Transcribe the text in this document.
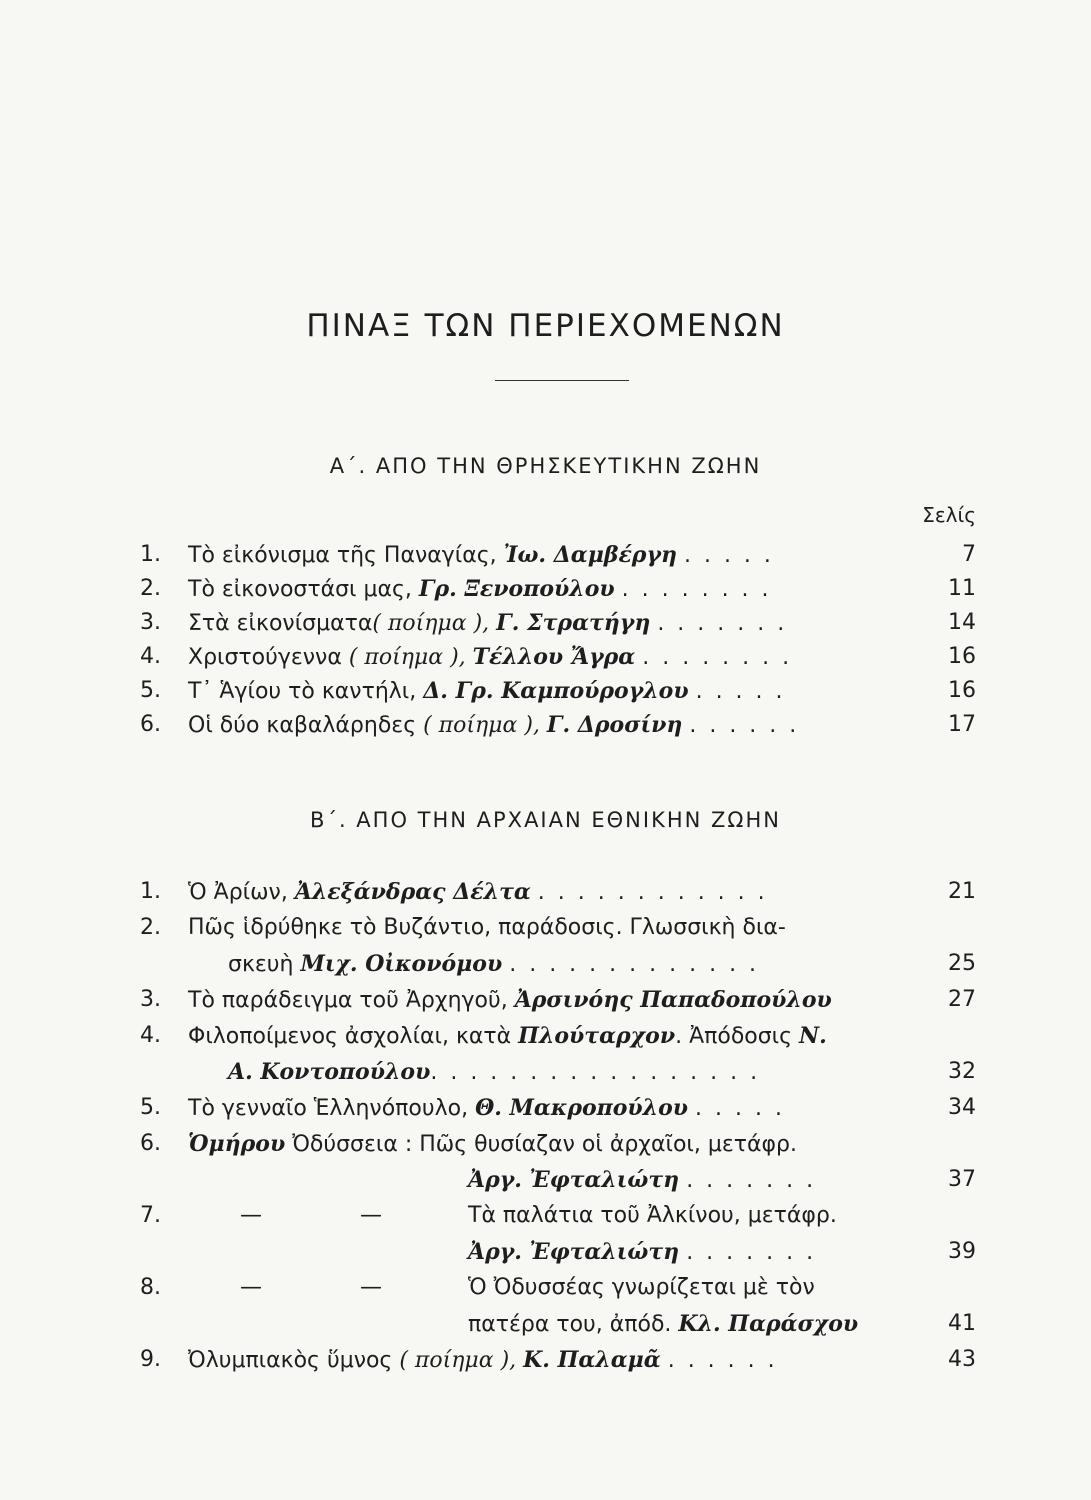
ΠΙΝΑΞ ΤΩΝ ΠΕΡΙΕΧΟΜΕΝΩΝ
Α΄. ΑΠΟ ΤΗΝ ΘΡΗΣΚΕΥΤΙΚΗΝ ΖΩΗΝ
Σελίς
1.	Τὸ εἰκόνισμα τῆς Παναγίας, Ἰω. Δαμβέργη . . . . .	7
2.	Τὸ εἰκονοστάσι μας, Γρ. Ξενοπούλου . . . . . . . .	11
3.	Στὰ εἰκονίσματα( ποίημα ), Γ. Στρατήγη . . . . . . .	14
4.	Χριστούγεννα ( ποίημα ), Τέλλου Ἄγρα . . . . . . . .	16
5.	Τ᾽ Ἁγίου τὸ καντήλι, Δ. Γρ. Καμπούρογλου . . . . .	16
6.	Οἱ δύο καβαλάρηδες ( ποίημα ), Γ. Δροσίνη . . . . . .	17
Β΄. ΑΠΟ ΤΗΝ ΑΡΧΑΙΑΝ ΕΘΝΙΚΗΝ ΖΩΗΝ
1.	Ὁ Ἀρίων, Ἀλεξάνδρας Δέλτα . . . . . . . . . . . .	21
2.	Πῶς ἱδρύθηκε τὸ Βυζάντιο, παράδοσις. Γλωσσικὴ δια-
σκευὴ Μιχ. Οἰκονόμου . . . . . . . . . . . . .	25
3.	Τὸ παράδειγμα τοῦ Ἀρχηγοῦ, Ἀρσινόης Παπαδοπούλου	27
4.	Φιλοποίμενος ἀσχολίαι, κατὰ Πλούταρχον. Ἀπόδοσις Ν.
Α. Κοντοπούλου. . . . . . . . . . . . . . . . .	32
5.	Τὸ γενναῖο Ἑλληνόπουλο, Θ. Μακροπούλου . . . . .	34
6.	Ὁμήρου Ὀδύσσεια : Πῶς θυσίαζαν οἱ ἀρχαῖοι, μετάφρ.
Ἀργ. Ἐφταλιώτη . . . . . . .	37
7.	—	—	Τὰ παλάτια τοῦ Ἀλκίνου, μετάφρ.
Ἀργ. Ἐφταλιώτη . . . . . . .	39
8.	—	—	Ὁ Ὀδυσσέας γνωρίζεται μὲ τὸν
πατέρα του, ἀπόδ. Κλ. Παράσχου	41
9.	Ὀλυμπιακὸς ὕμνος ( ποίημα ), Κ. Παλαμᾶ . . . . . .	43
